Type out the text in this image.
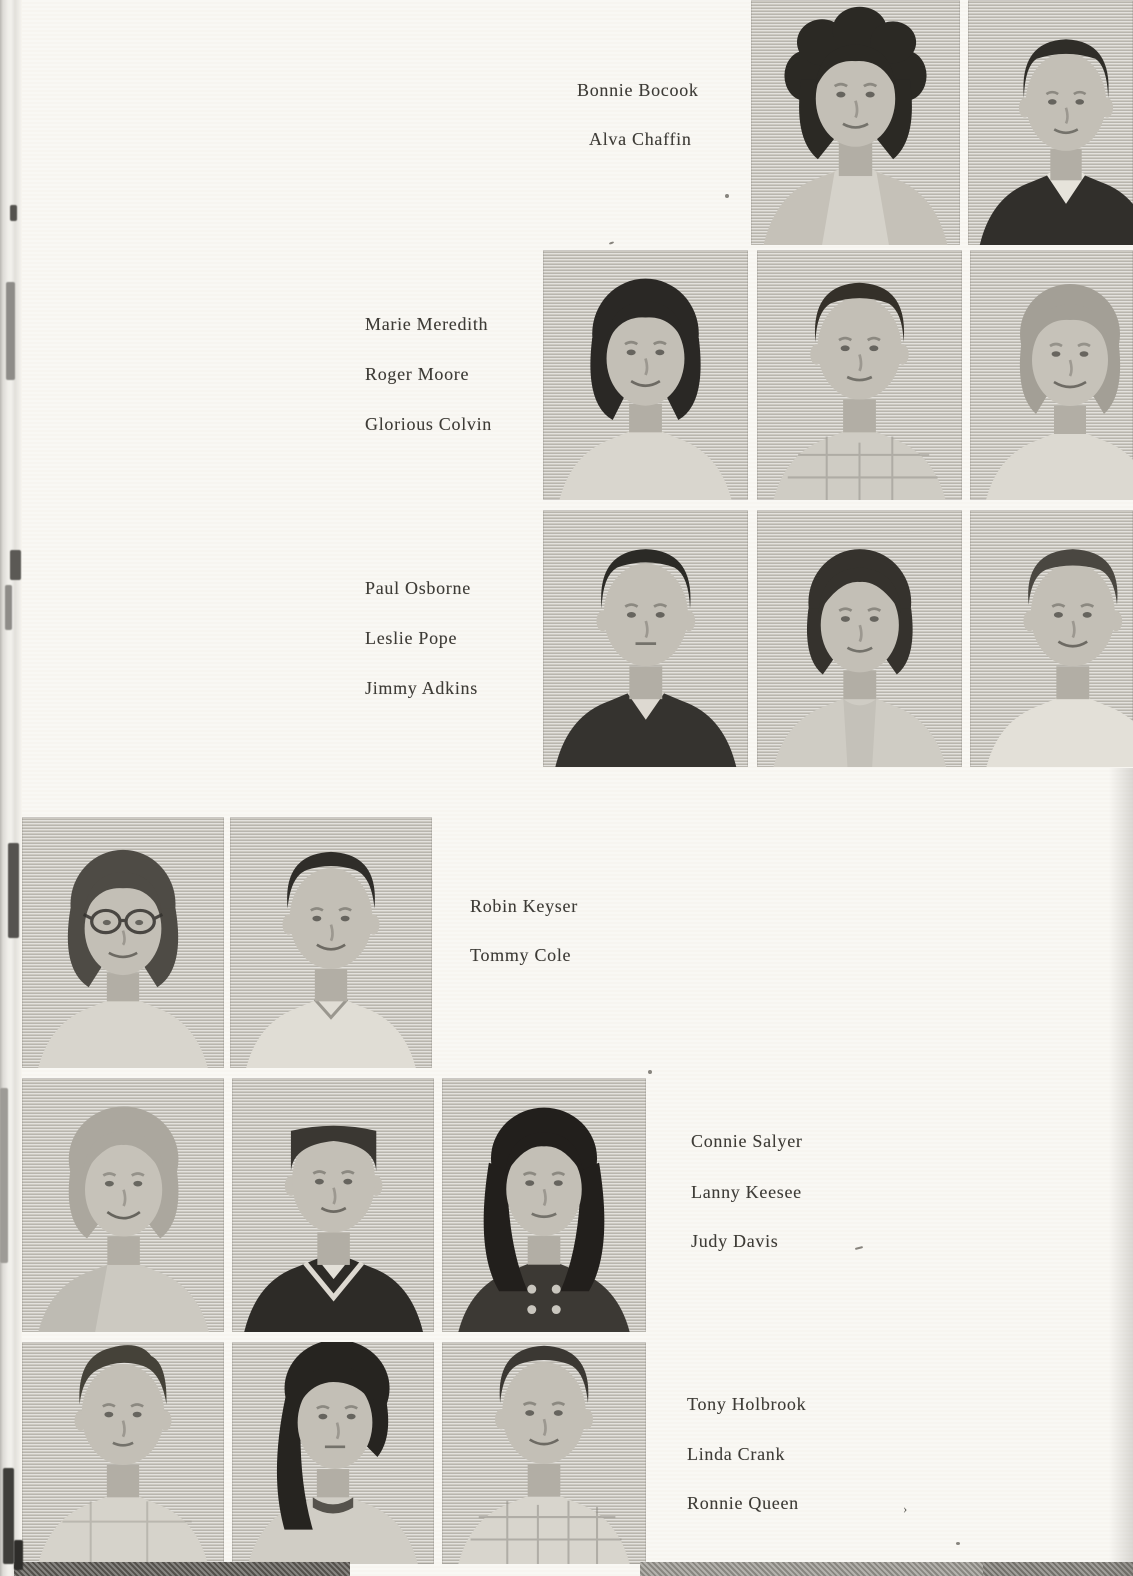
Bonnie Bocook
Alva Chaffin
Marie Meredith
Roger Moore
Glorious Colvin
Paul Osborne
Leslie Pope
Jimmy Adkins
Robin Keyser
Tommy Cole
Connie Salyer
Lanny Keesee
Judy Davis
Tony Holbrook
Linda Crank
Ronnie Queen	›
